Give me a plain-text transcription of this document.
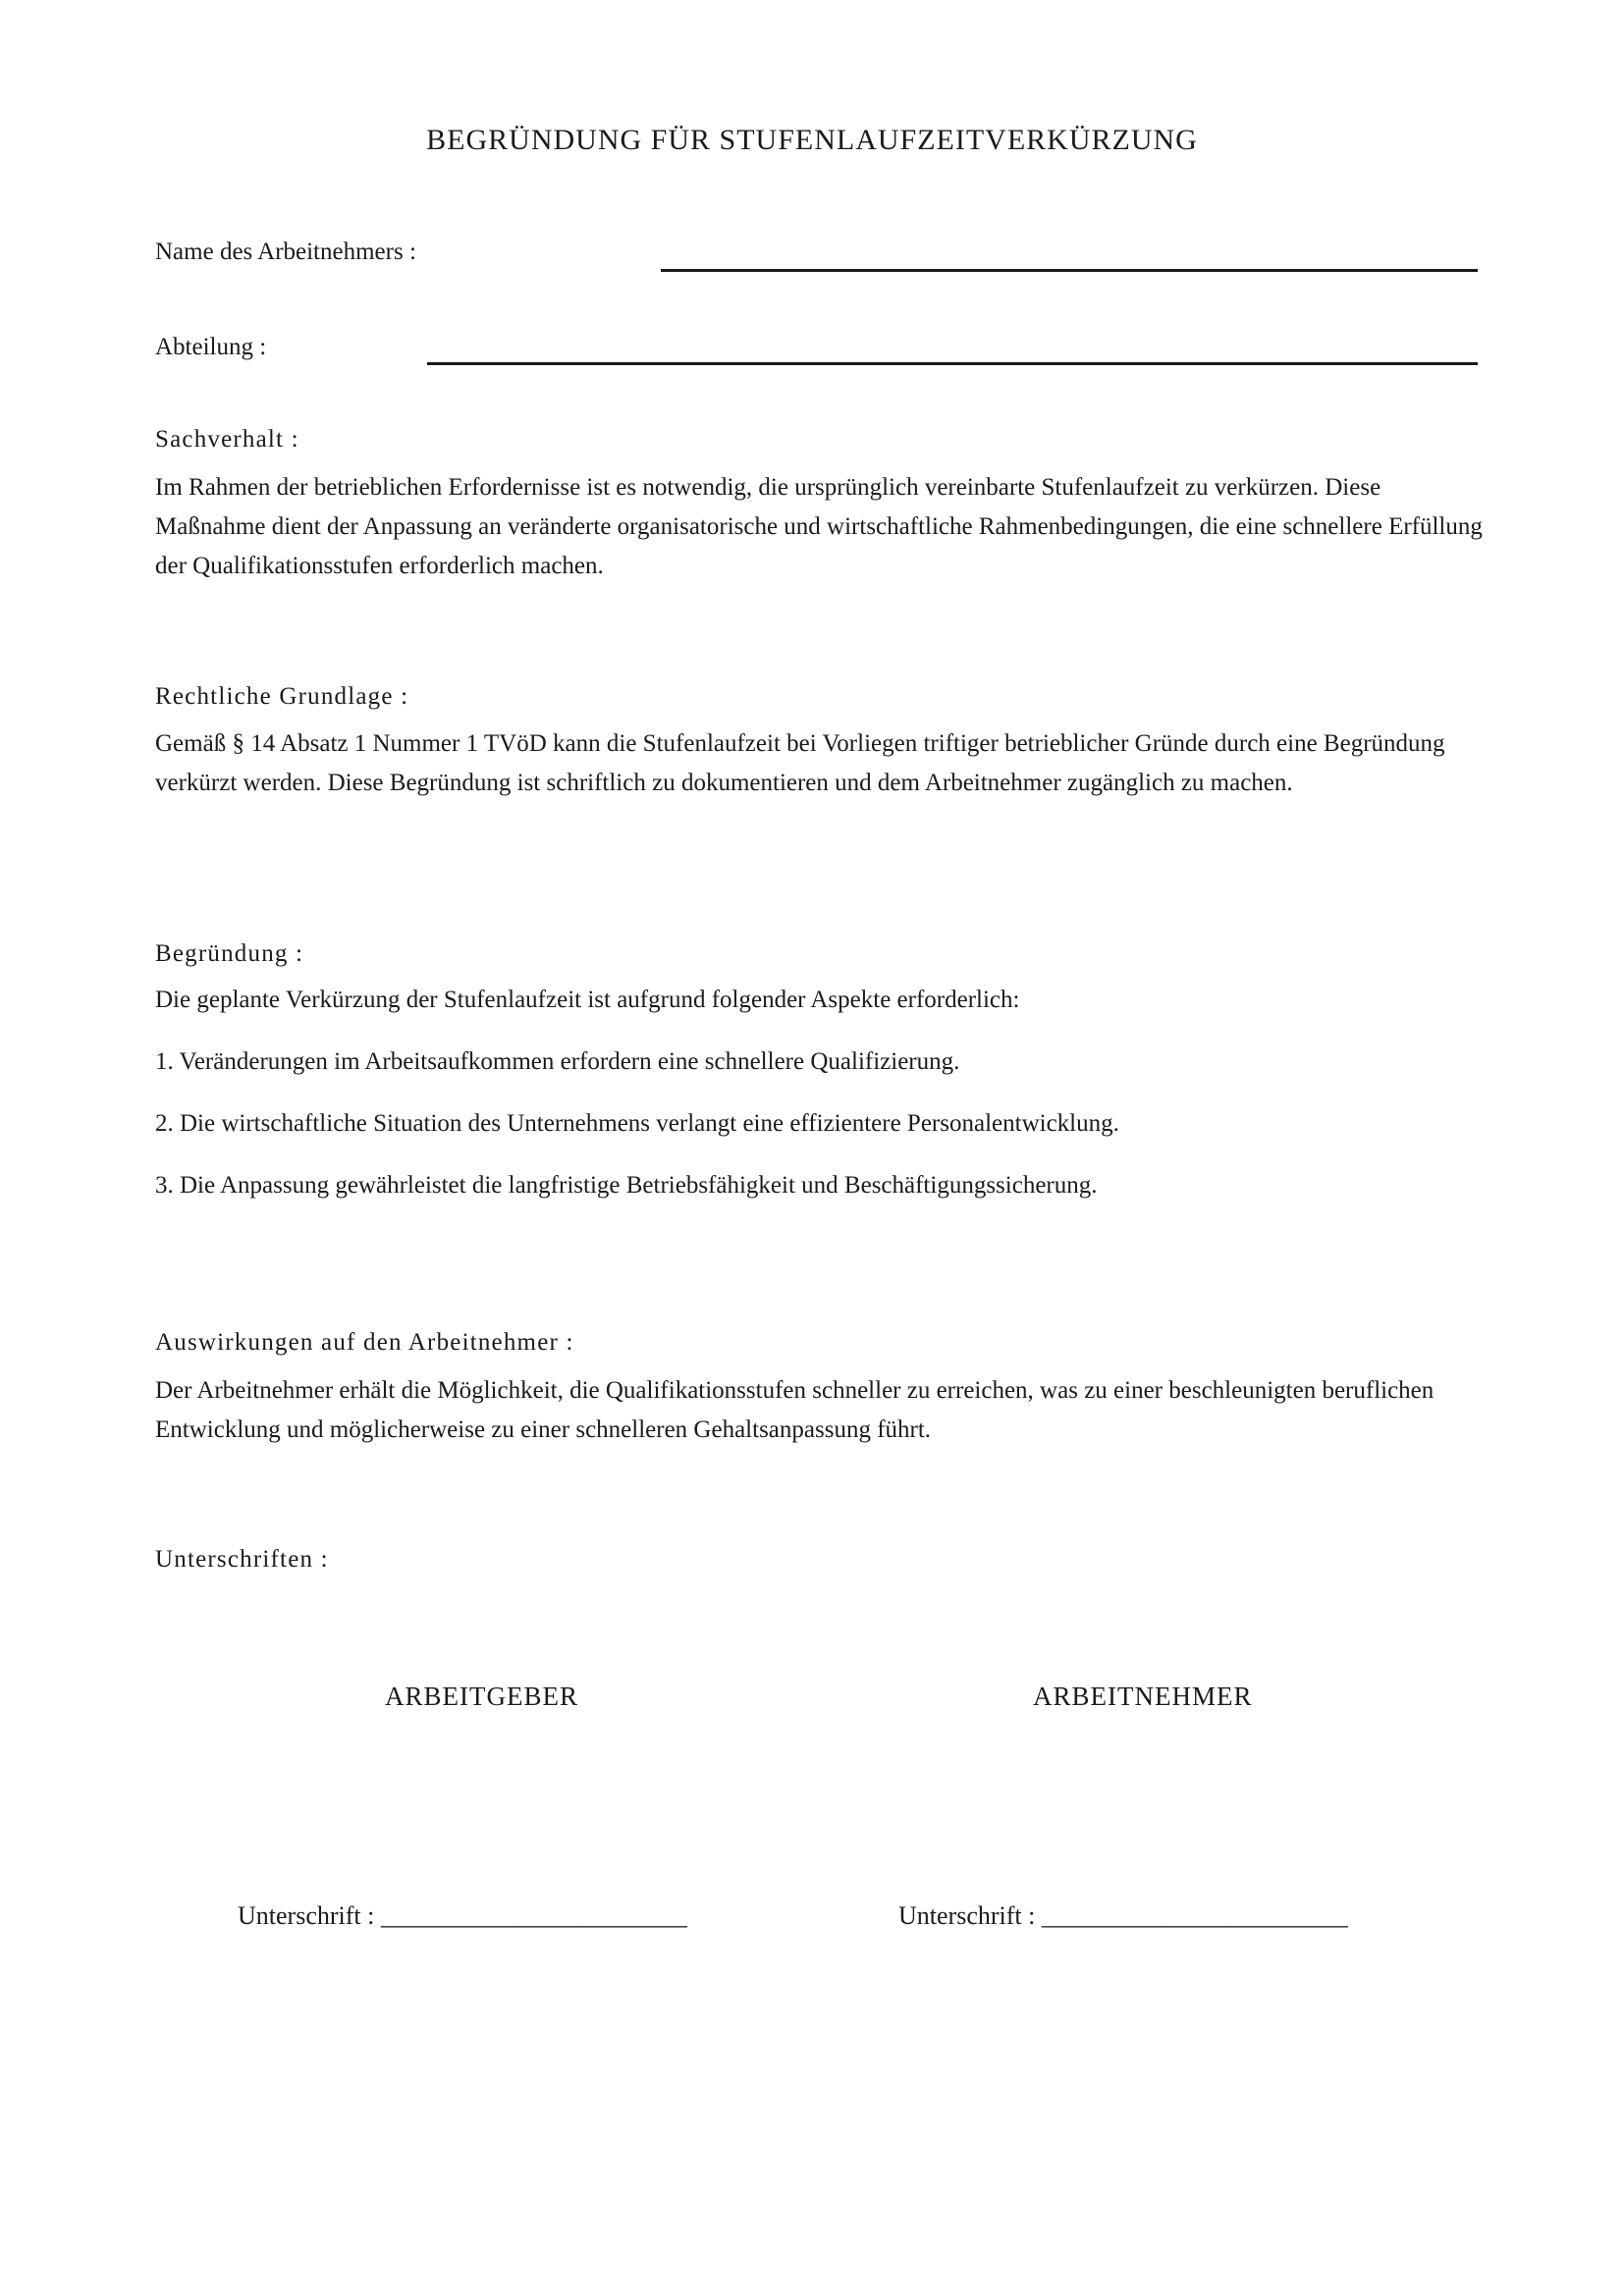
BEGRÜNDUNG FÜR STUFENLAUFZEITVERKÜRZUNG
Name des Arbeitnehmers :
Abteilung :
Sachverhalt :
Im Rahmen der betrieblichen Erfordernisse ist es notwendig, die ursprünglich vereinbarte Stufenlaufzeit zu verkürzen. Diese Maßnahme dient der Anpassung an veränderte organisatorische und wirtschaftliche Rahmenbedingungen, die eine schnellere Erfüllung der Qualifikationsstufen erforderlich machen.
Rechtliche Grundlage :
Gemäß § 14 Absatz 1 Nummer 1 TVöD kann die Stufenlaufzeit bei Vorliegen triftiger betrieblicher Gründe durch eine Begründung verkürzt werden. Diese Begründung ist schriftlich zu dokumentieren und dem Arbeitnehmer zugänglich zu machen.
Begründung :
Die geplante Verkürzung der Stufenlaufzeit ist aufgrund folgender Aspekte erforderlich:
1. Veränderungen im Arbeitsaufkommen erfordern eine schnellere Qualifizierung.
2. Die wirtschaftliche Situation des Unternehmens verlangt eine effizientere Personalentwicklung.
3. Die Anpassung gewährleistet die langfristige Betriebsfähigkeit und Beschäftigungssicherung.
Auswirkungen auf den Arbeitnehmer :
Der Arbeitnehmer erhält die Möglichkeit, die Qualifikationsstufen schneller zu erreichen, was zu einer beschleunigten beruflichen Entwicklung und möglicherweise zu einer schnelleren Gehaltsanpassung führt.
Unterschriften :
ARBEITGEBER	ARBEITNEHMER
Unterschrift : ________________________	Unterschrift : ________________________
